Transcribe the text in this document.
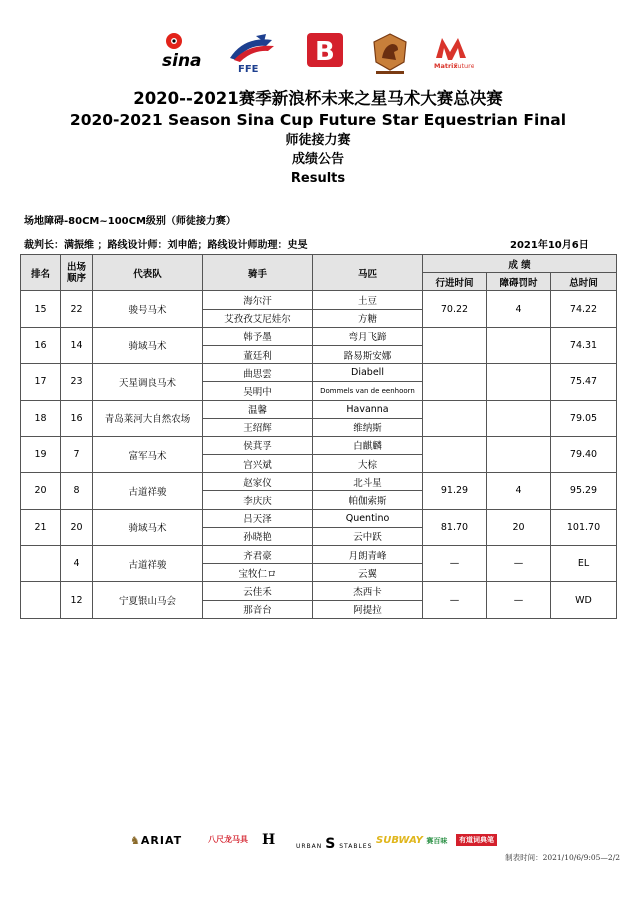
sina	FFE
B	Matrix
Future
2020--2021赛季新浪杯未来之星马术大赛总决赛
2020-2021 Season Sina Cup Future Star Equestrian Final
师徒接力赛
成绩公告
Results
场地障碍-80CM~100CM级别（师徒接力赛）
裁判长：满振维 ；路线设计师：刘申皓；路线设计师助理：史旻	2021年10月6日
排名	出场
顺序	代表队	骑手	马匹	成 绩		
					行进时间	障碍罚时	总时间
15	22	骏号马术	海尔汗	土豆	70.22	4	74.22
			艾孜孜艾尼娃尔	方糖			
16	14	骑域马术	韩予墨	弯月飞蹄			74.31
			董廷利	路易斯安娜			
17	23	天星调良马术	曲思雲	Diabell			75.47
			吴明中	Dommels van de eenhoorn			
18	16	青岛莱河大自然农场	温馨	Havanna			79.05
			王绍辉	维纳斯			
19	7	富军马术	侯萁孚	白麒麟			79.40
			宫兴斌	大棕			
20	8	古道祥骏	赵家仪	北斗星	91.29	4	95.29
			李庆庆	帕伽索斯			
21	20	骑域马术	吕天泽	Quentino	81.70	20	101.70
			孙晓艳	云中跃			
	4	古道祥骏	齐君豪	月朗青峰	—	—	EL
			宝牧仁ロ	云翼			
	12	宁夏银山马会	云佳禾	杰西卡	—	—	WD
			那音台	阿提拉			
♞ARIAT	八尺龙马具 H	URBAN S STABLES
SUBWAY 赛百味	有道词典笔
制表时间：2021/10/6/9:05—2/2
